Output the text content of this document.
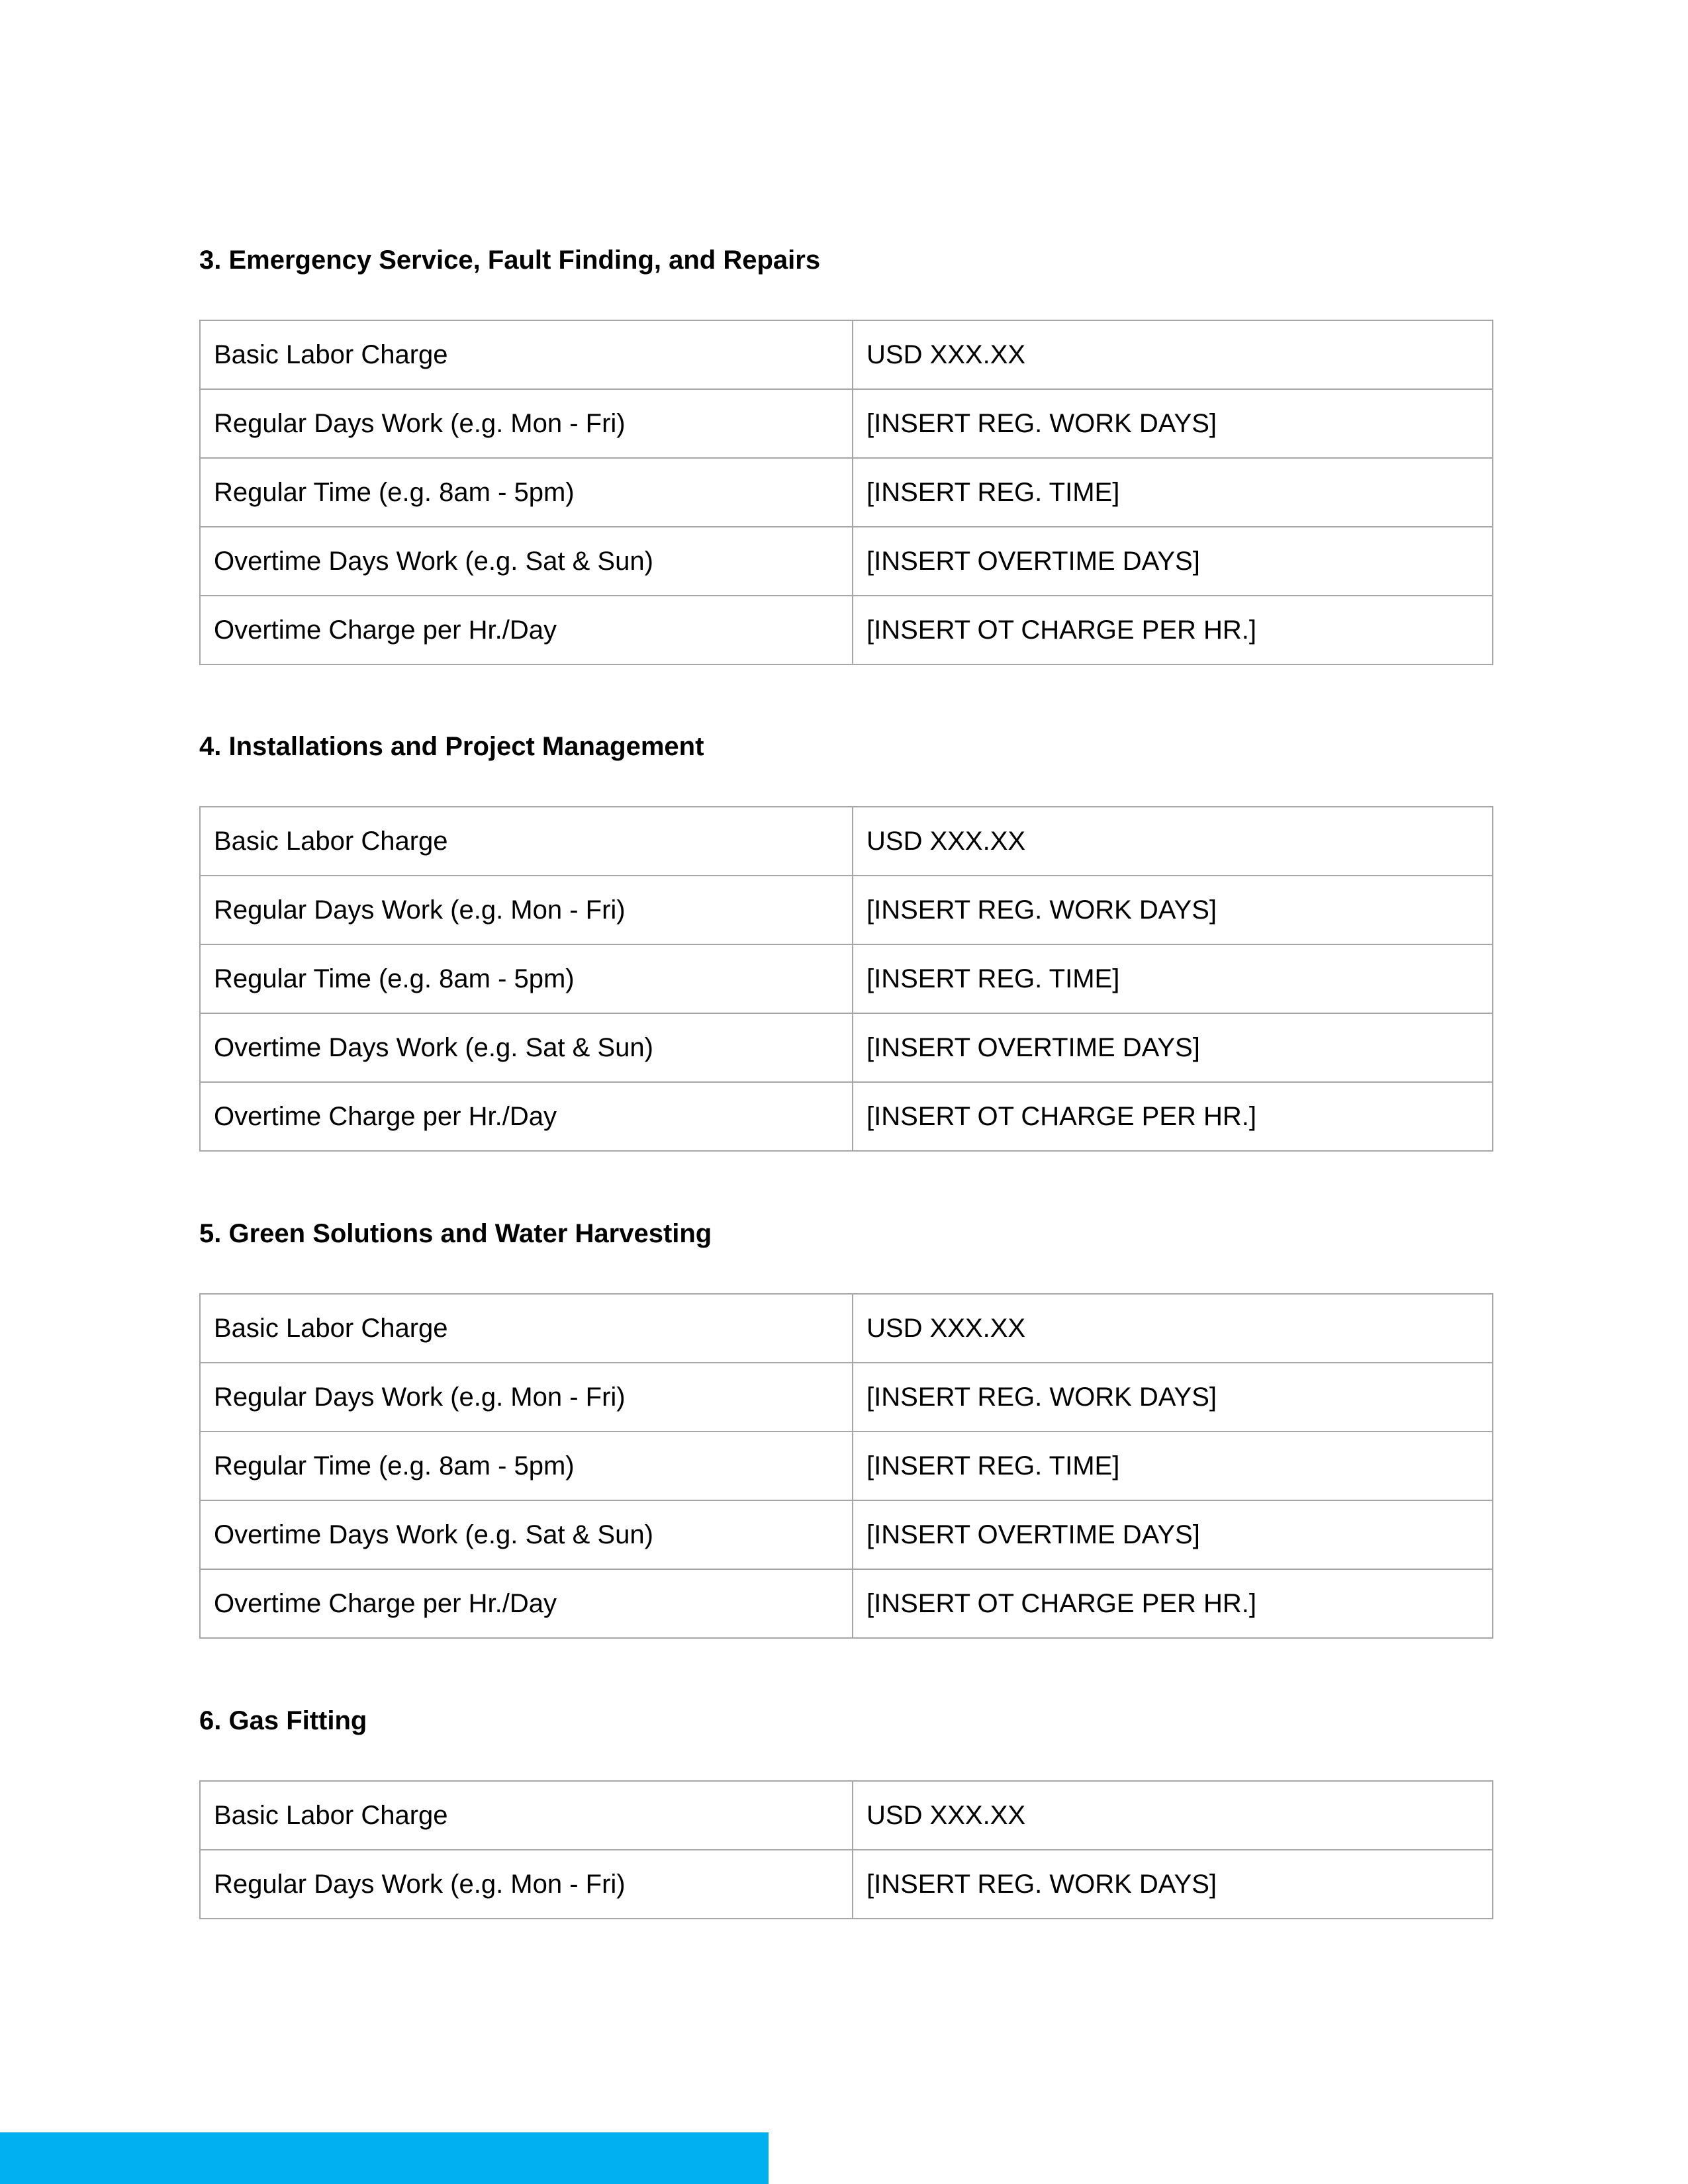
3. Emergency Service, Fault Finding, and Repairs
Basic Labor Charge	USD XXX.XX
Regular Days Work (e.g. Mon - Fri)	[INSERT REG. WORK DAYS]
Regular Time (e.g. 8am - 5pm)	[INSERT REG. TIME]
Overtime Days Work (e.g. Sat & Sun)	[INSERT OVERTIME DAYS]
Overtime Charge per Hr./Day	[INSERT OT CHARGE PER HR.]
4. Installations and Project Management
Basic Labor Charge	USD XXX.XX
Regular Days Work (e.g. Mon - Fri)	[INSERT REG. WORK DAYS]
Regular Time (e.g. 8am - 5pm)	[INSERT REG. TIME]
Overtime Days Work (e.g. Sat & Sun)	[INSERT OVERTIME DAYS]
Overtime Charge per Hr./Day	[INSERT OT CHARGE PER HR.]
5. Green Solutions and Water Harvesting
Basic Labor Charge	USD XXX.XX
Regular Days Work (e.g. Mon - Fri)	[INSERT REG. WORK DAYS]
Regular Time (e.g. 8am - 5pm)	[INSERT REG. TIME]
Overtime Days Work (e.g. Sat & Sun)	[INSERT OVERTIME DAYS]
Overtime Charge per Hr./Day	[INSERT OT CHARGE PER HR.]
6. Gas Fitting
Basic Labor Charge	USD XXX.XX
Regular Days Work (e.g. Mon - Fri)	[INSERT REG. WORK DAYS]
